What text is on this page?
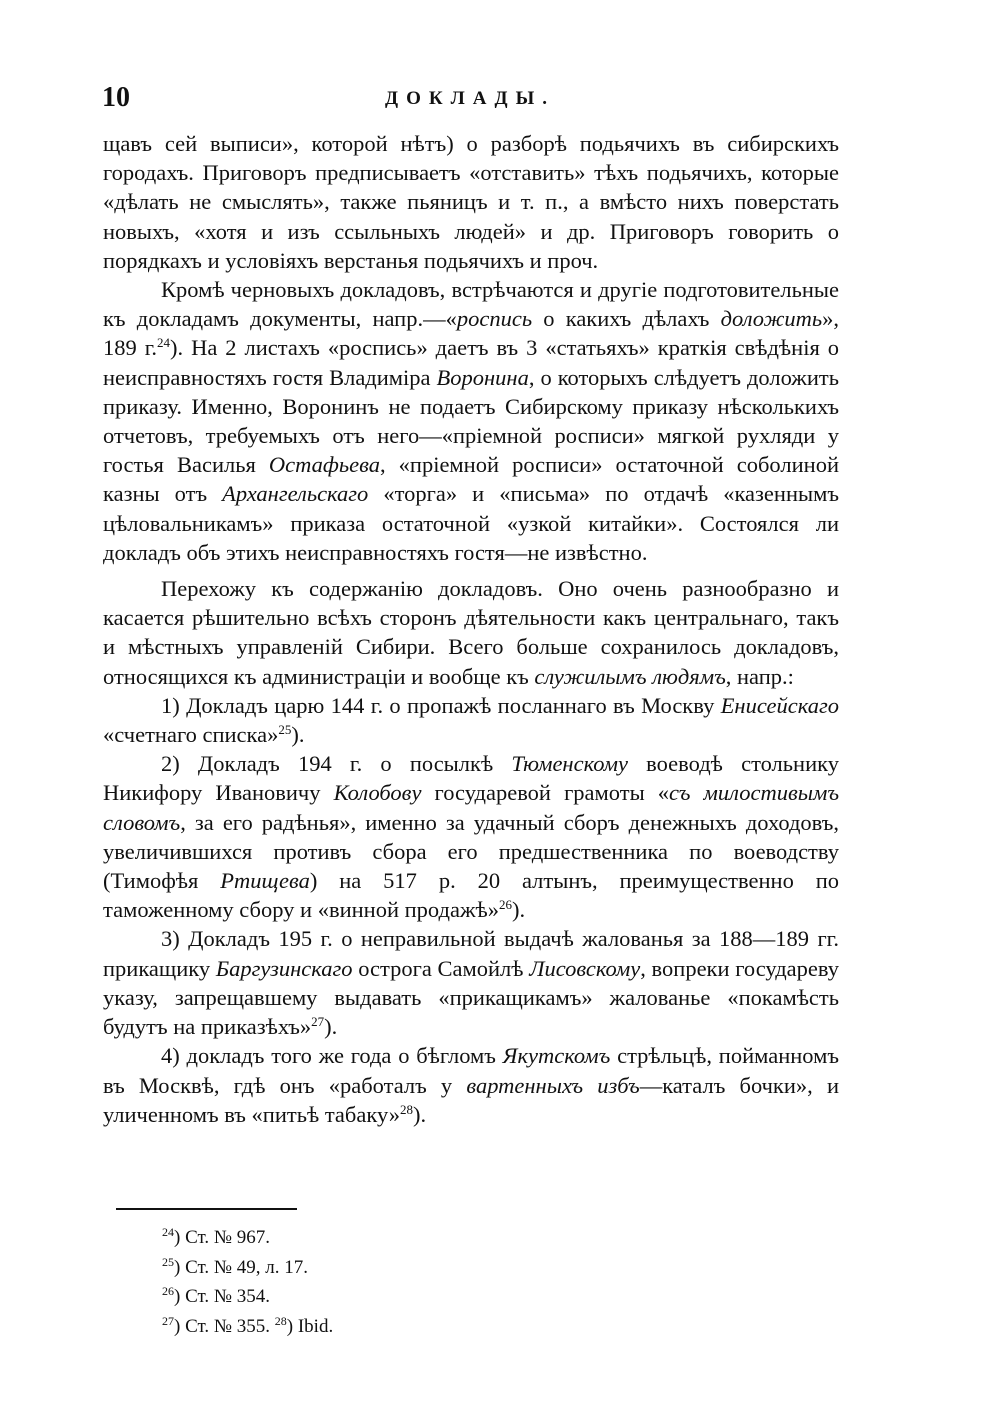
10	ДОКЛАДЫ.

щавъ сей выписи», которой нѣтъ) о разборѣ подьячихъ въ сибирскихъ городахъ. Приговоръ предписываетъ «отставить» тѣхъ подьячихъ, которые «дѣлать не смыслять», также пьяницъ и т. п., а вмѣсто нихъ поверстать новыхъ, «хотя и изъ ссыльныхъ людей» и др. Приговоръ говорить о порядкахъ и условіяхъ верстанья подьячихъ и проч.

Кромѣ черновыхъ докладовъ, встрѣчаются и другіе подготовительные къ докладамъ документы, напр.—«роспись о какихъ дѣлахъ доложить», 189 г.$^{24}$). На 2 листахъ «роспись» даетъ въ 3 «статьяхъ» краткія свѣдѣнія о неисправностяхъ гостя Владиміра Воронина, о которыхъ слѣдуетъ доложить приказу. Именно, Воронинъ не подаетъ Сибирскому приказу нѣсколькихъ отчетовъ, требуемыхъ отъ него—«пріемной росписи» мягкой рухляди у гостья Василья Остафьева, «пріемной росписи» остаточной соболиной казны отъ Архангельскаго «торга» и «письма» по отдачѣ «казеннымъ цѣловальникамъ» приказа остаточной «узкой китайки». Состоялся ли докладъ объ этихъ неисправностяхъ гостя—не извѣстно.

Перехожу къ содержанію докладовъ. Оно очень разнообразно и касается рѣшительно всѣхъ сторонъ дѣятельности какъ центральнаго, такъ и мѣстныхъ управленій Сибири. Всего больше сохранилось докладовъ, относящихся къ администраціи и вообще къ служилымъ людямъ, напр.:

1) Докладъ царю 144 г. о пропажѣ посланнаго въ Москву Енисейскаго «счетнаго списка»$^{25}$).

2) Докладъ 194 г. о посылкѣ Тюменскому воеводѣ стольнику Никифору Ивановичу Колобову государевой грамоты «съ милостивымъ словомъ, за его радѣнья», именно за удачный сборъ денежныхъ доходовъ, увеличившихся противъ сбора его предшественника по воеводству (Тимофѣя Ртищева) на 517 р. 20 алтынъ, преимущественно по таможенному сбору и «винной продажѣ»$^{26}$).

3) Докладъ 195 г. о неправильной выдачѣ жалованья за 188—189 гг. прикащику Баргузинскаго острога Самойлѣ Лисовскому, вопреки государеву указу, запрещавшему выдавать «прикащикамъ» жалованье «покамѣсть будутъ на приказѣхъ»$^{27}$).

4) докладъ того же года о бѣгломъ Якутскомъ стрѣльцѣ, пойманномъ въ Москвѣ, гдѣ онъ «работалъ у вартенныхъ избъ—каталъ бочки», и уличенномъ въ «питьѣ табаку»$^{28}$).

$^{24}$) Ст. № 967.
$^{25}$) Ст. № 49, л. 17.
$^{26}$) Ст. № 354.
$^{27}$) Ст. № 355. $^{28}$) Ibid.
